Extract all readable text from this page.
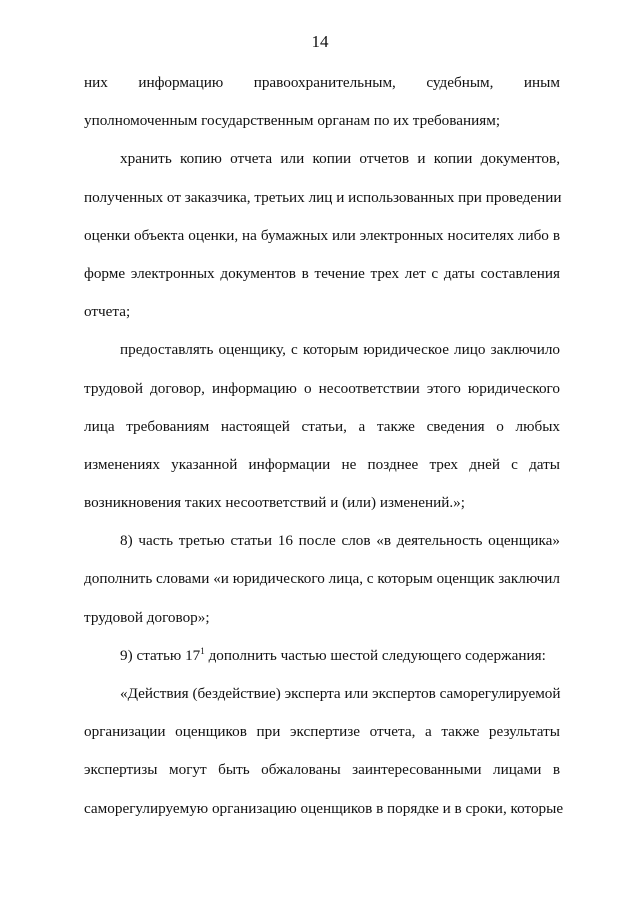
14
них информацию правоохранительным, судебным, иным
уполномоченным государственным органам по их требованиям;
хранить копию отчета или копии отчетов и копии документов,
полученных от заказчика, третьих лиц и использованных при проведении
оценки объекта оценки, на бумажных или электронных носителях либо в
форме электронных документов в течение трех лет с даты составления
отчета;
предоставлять оценщику, с которым юридическое лицо заключило
трудовой договор, информацию о несоответствии этого юридического
лица требованиям настоящей статьи, а также сведения о любых
изменениях указанной информации не позднее трех дней с даты
возникновения таких несоответствий и (или) изменений.»;
8) часть третью статьи 16 после слов «в деятельность оценщика»
дополнить словами «и юридического лица, с которым оценщик заключил
трудовой договор»;
9) статью $17^1$ дополнить частью шестой следующего содержания:
«Действия (бездействие) эксперта или экспертов саморегулируемой
организации оценщиков при экспертизе отчета, а также результаты
экспертизы могут быть обжалованы заинтересованными лицами в
саморегулируемую организацию оценщиков в порядке и в сроки, которые
